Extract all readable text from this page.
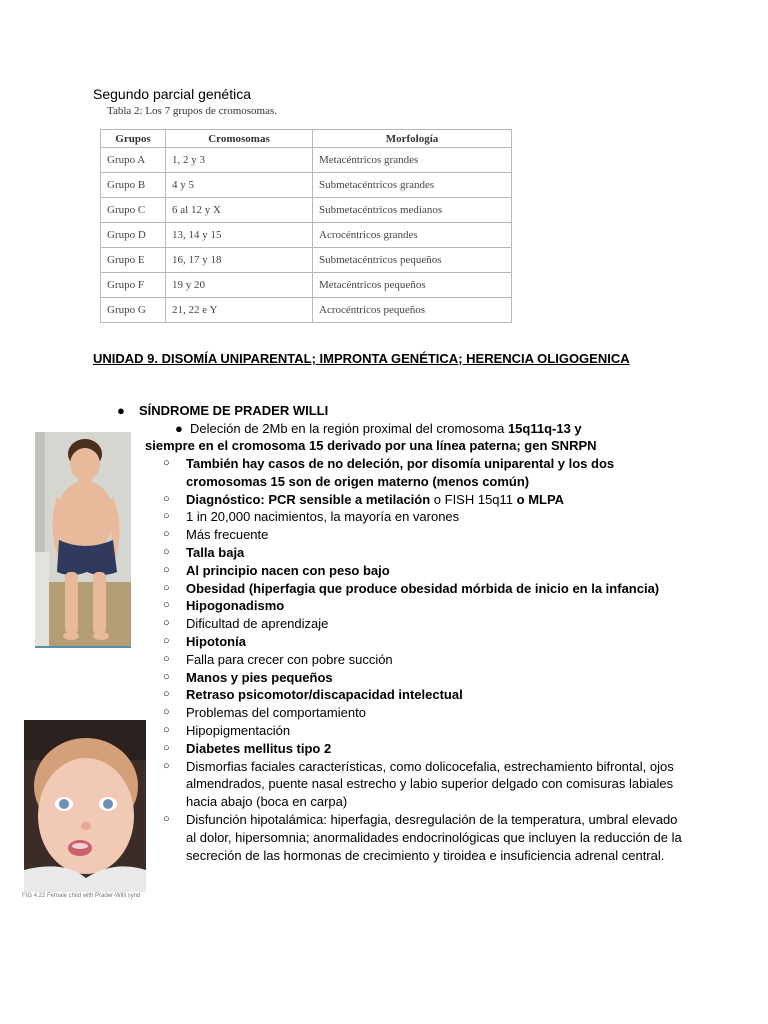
Segundo parcial genética
Tabla 2: Los 7 grupos de cromosomas.
Grupos	Cromosomas	Morfología
Grupo A	1, 2 y 3	Metacéntricos grandes
Grupo B	4 y 5	Submetacéntricos grandes
Grupo C	6 al 12 y X	Submetacéntricos medianos
Grupo D	13, 14 y 15	Acrocéntricos grandes
Grupo E	16, 17 y 18	Submetacéntricos pequeños
Grupo F	19 y 20	Metacéntricos pequeños
Grupo G	21, 22 e Y	Acrocéntricos pequeños
UNIDAD 9. DISOMÍA UNIPARENTAL; IMPRONTA GENÉTICA; HERENCIA OLIGOGENICA
● SÍNDROME DE PRADER WILLI
● Deleción de 2Mb en la región proximal del cromosoma 15q11q-13 y
siempre en el cromosoma 15 derivado por una línea paterna; gen SNRPN
○ También hay casos de no deleción, por disomía uniparental y los dos cromosomas 15 son de origen materno (menos común)
○ Diagnóstico: PCR sensible a metilación o FISH 15q11 o MLPA
○ 1 in 20,000 nacimientos, la mayoría en varones
○ Más frecuente
○ Talla baja
○ Al principio nacen con peso bajo
○ Obesidad (hiperfagia que produce obesidad mórbida de inicio en la infancia)
○ Hipogonadismo
○ Dificultad de aprendizaje
○ Hipotonía
○ Falla para crecer con pobre succión
○ Manos y pies pequeños
○ Retraso psicomotor/discapacidad intelectual
○ Problemas del comportamiento
○ Hipopigmentación
○ Diabetes mellitus tipo 2
○ Dismorfias faciales características, como dolicocefalia, estrechamiento bifrontal, ojos almendrados, puente nasal estrecho y labio superior delgado con comisuras labiales hacia abajo (boca en carpa)
○ Disfunción hipotalámica: hiperfagia, desregulación de la temperatura, umbral elevado al dolor, hipersomnia; anormalidades endocrinológicas que incluyen la reducción de la secreción de las hormonas de crecimiento y tiroidea e insuficiencia adrenal central.
FIG 4.22 Female child with Prader-Willi synd
